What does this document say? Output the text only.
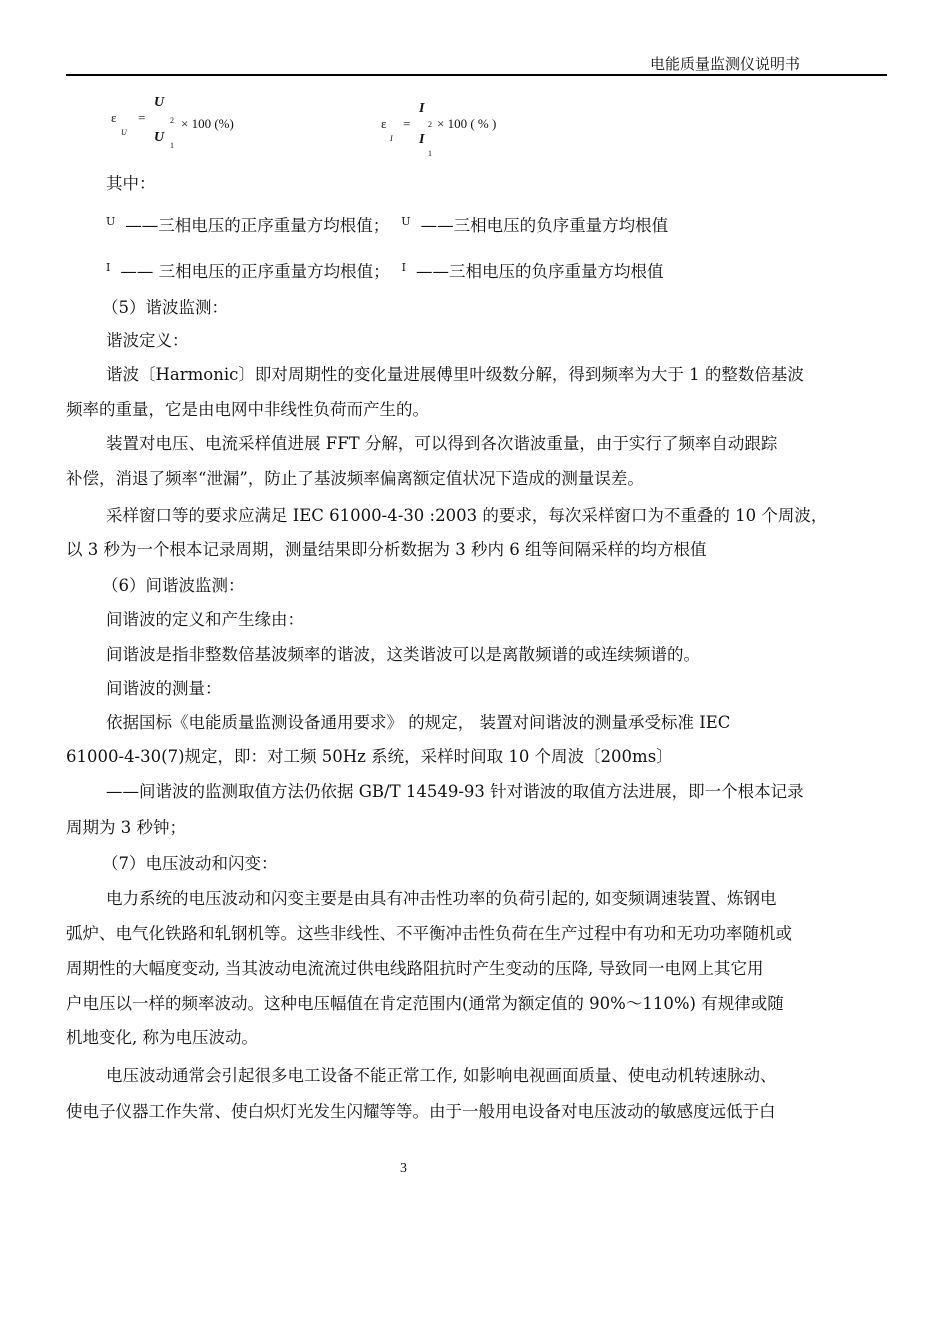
电能质量监测仪说明书
ε
U
=
U
2
U
1
× 100 (%)	ε
I
=
I
2 × 100 ( % )
I
1
其中：
U ——三相电压的正序重量方均根值； U ——三相电压的负序重量方均根值
I —— 三相电压的正序重量方均根值； I ——三相电压的负序重量方均根值
（5）谐波监测：
谐波定义：
谐波〔Harmonic〕即对周期性的变化量进展傅里叶级数分解，得到频率为大于 1 的整数倍基波
频率的重量，它是由电网中非线性负荷而产生的。
装置对电压、电流采样值进展 FFT 分解，可以得到各次谐波重量，由于实行了频率自动跟踪
补偿，消退了频率“泄漏”，防止了基波频率偏离额定值状况下造成的测量误差。
采样窗口等的要求应满足 IEC 61000-4-30 :2003 的要求，每次采样窗口为不重叠的 10 个周波，
以 3 秒为一个根本记录周期，测量结果即分析数据为 3 秒内 6 组等间隔采样的均方根值
（6）间谐波监测：
间谐波的定义和产生缘由：
间谐波是指非整数倍基波频率的谐波，这类谐波可以是离散频谱的或连续频谱的。
间谐波的测量：
依据国标《电能质量监测设备通用要求》 的规定， 装置对间谐波的测量承受标准 IEC
61000-4-30(7)规定，即：对工频 50Hz 系统，采样时间取 10 个周波〔200ms〕
——间谐波的监测取值方法仍依据 GB/T 14549-93 针对谐波的取值方法进展，即一个根本记录
周期为 3 秒钟；
（7）电压波动和闪变：
电力系统的电压波动和闪变主要是由具有冲击性功率的负荷引起的, 如变频调速装置、炼钢电
弧炉、电气化铁路和轧钢机等。这些非线性、不平衡冲击性负荷在生产过程中有功和无功功率随机或
周期性的大幅度变动, 当其波动电流流过供电线路阻抗时产生变动的压降, 导致同一电网上其它用
户电压以一样的频率波动。这种电压幅值在肯定范围内(通常为额定值的 90%～110%) 有规律或随
机地变化, 称为电压波动。
电压波动通常会引起很多电工设备不能正常工作, 如影响电视画面质量、使电动机转速脉动、
使电子仪器工作失常、使白炽灯光发生闪耀等等。由于一般用电设备对电压波动的敏感度远低于白
3
